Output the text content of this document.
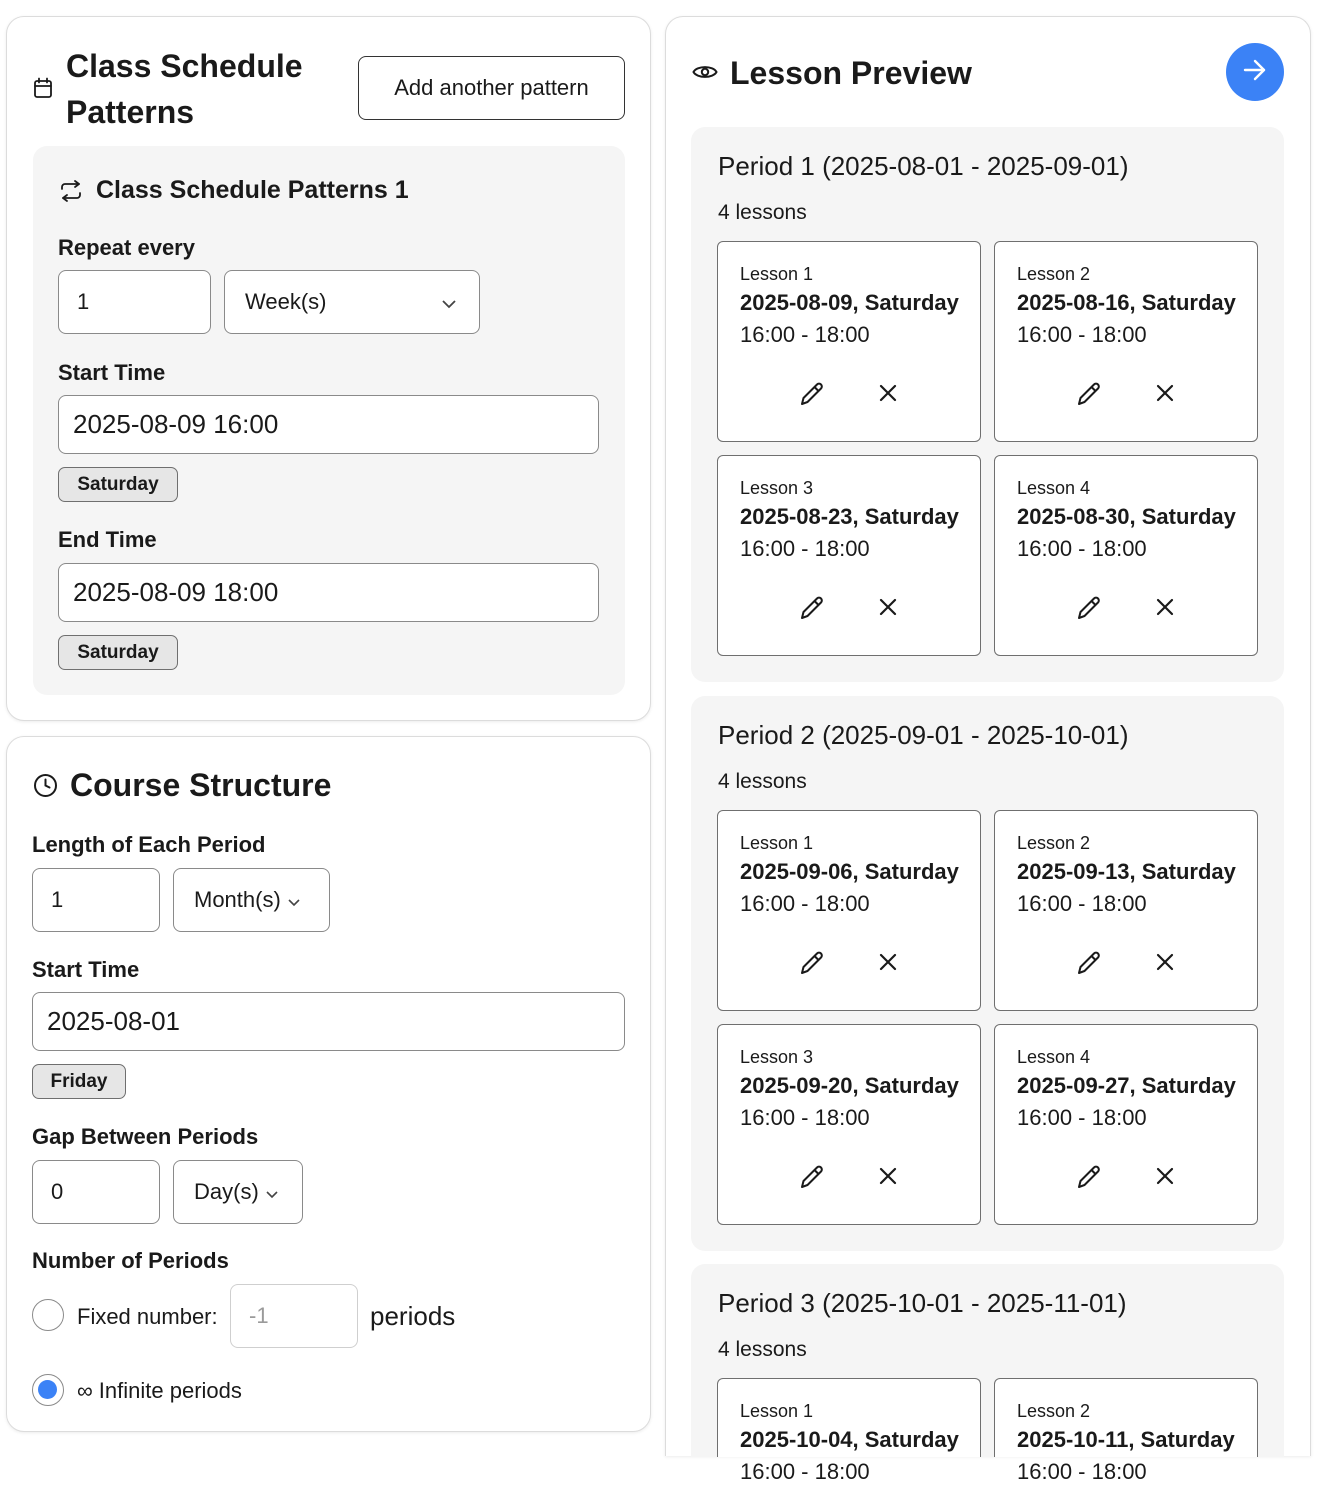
Class Schedule Patterns
Add another pattern
Class Schedule Patterns 1
Repeat every
1	Week(s)
Start Time
2025-08-09 16:00
Saturday
End Time
2025-08-09 18:00
Saturday
Course Structure
Length of Each Period
1	Month(s)
Start Time
2025-08-01
Friday
Gap Between Periods
0	Day(s)
Number of Periods
Fixed number:	-1	periods
∞ Infinite periods
Lesson Preview
Period 1 (2025-08-01 - 2025-09-01)
4 lessons
Lesson 1
2025-08-09, Saturday
16:00 - 18:00
Lesson 2
2025-08-16, Saturday
16:00 - 18:00
Lesson 3
2025-08-23, Saturday
16:00 - 18:00
Lesson 4
2025-08-30, Saturday
16:00 - 18:00
Period 2 (2025-09-01 - 2025-10-01)
4 lessons
Lesson 1
2025-09-06, Saturday
16:00 - 18:00
Lesson 2
2025-09-13, Saturday
16:00 - 18:00
Lesson 3
2025-09-20, Saturday
16:00 - 18:00
Lesson 4
2025-09-27, Saturday
16:00 - 18:00
Period 3 (2025-10-01 - 2025-11-01)
4 lessons
Lesson 1
2025-10-04, Saturday
16:00 - 18:00
Lesson 2
2025-10-11, Saturday
16:00 - 18:00
